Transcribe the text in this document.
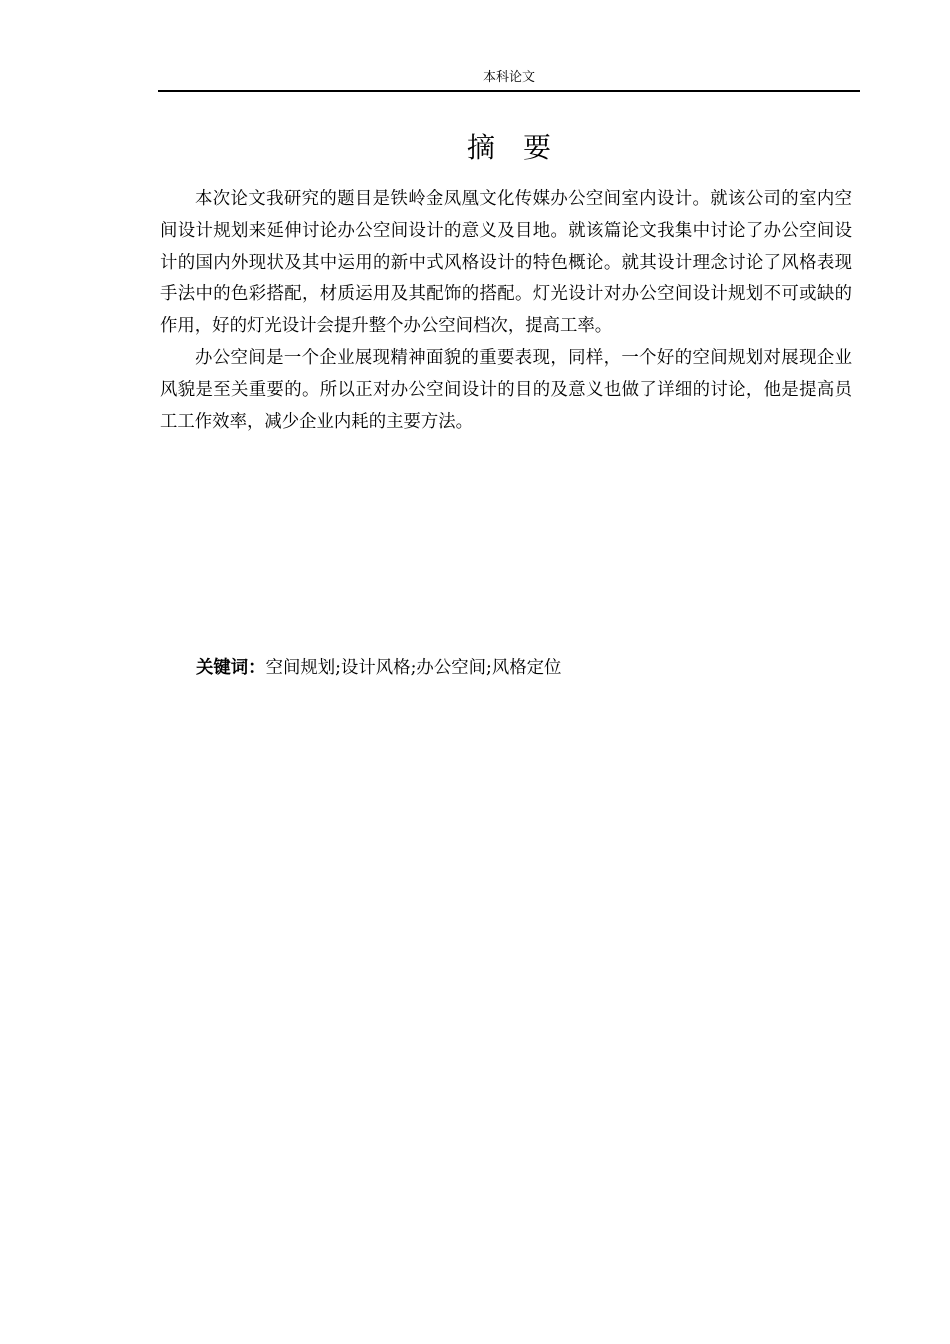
本科论文
摘要

本次论文我研究的题目是铁岭金凤凰文化传媒办公空间室内设计。就该公司的室内空间设计规划来延伸讨论办公空间设计的意义及目地。就该篇论文我集中讨论了办公空间设计的国内外现状及其中运用的新中式风格设计的特色概论。就其设计理念讨论了风格表现手法中的色彩搭配，材质运用及其配饰的搭配。灯光设计对办公空间设计规划不可或缺的作用，好的灯光设计会提升整个办公空间档次，提高工率。

办公空间是一个企业展现精神面貌的重要表现，同样，一个好的空间规划对展现企业风貌是至关重要的。所以正对办公空间设计的目的及意义也做了详细的讨论，他是提高员工工作效率，减少企业内耗的主要方法。

关键词：空间规划;设计风格;办公空间;风格定位
